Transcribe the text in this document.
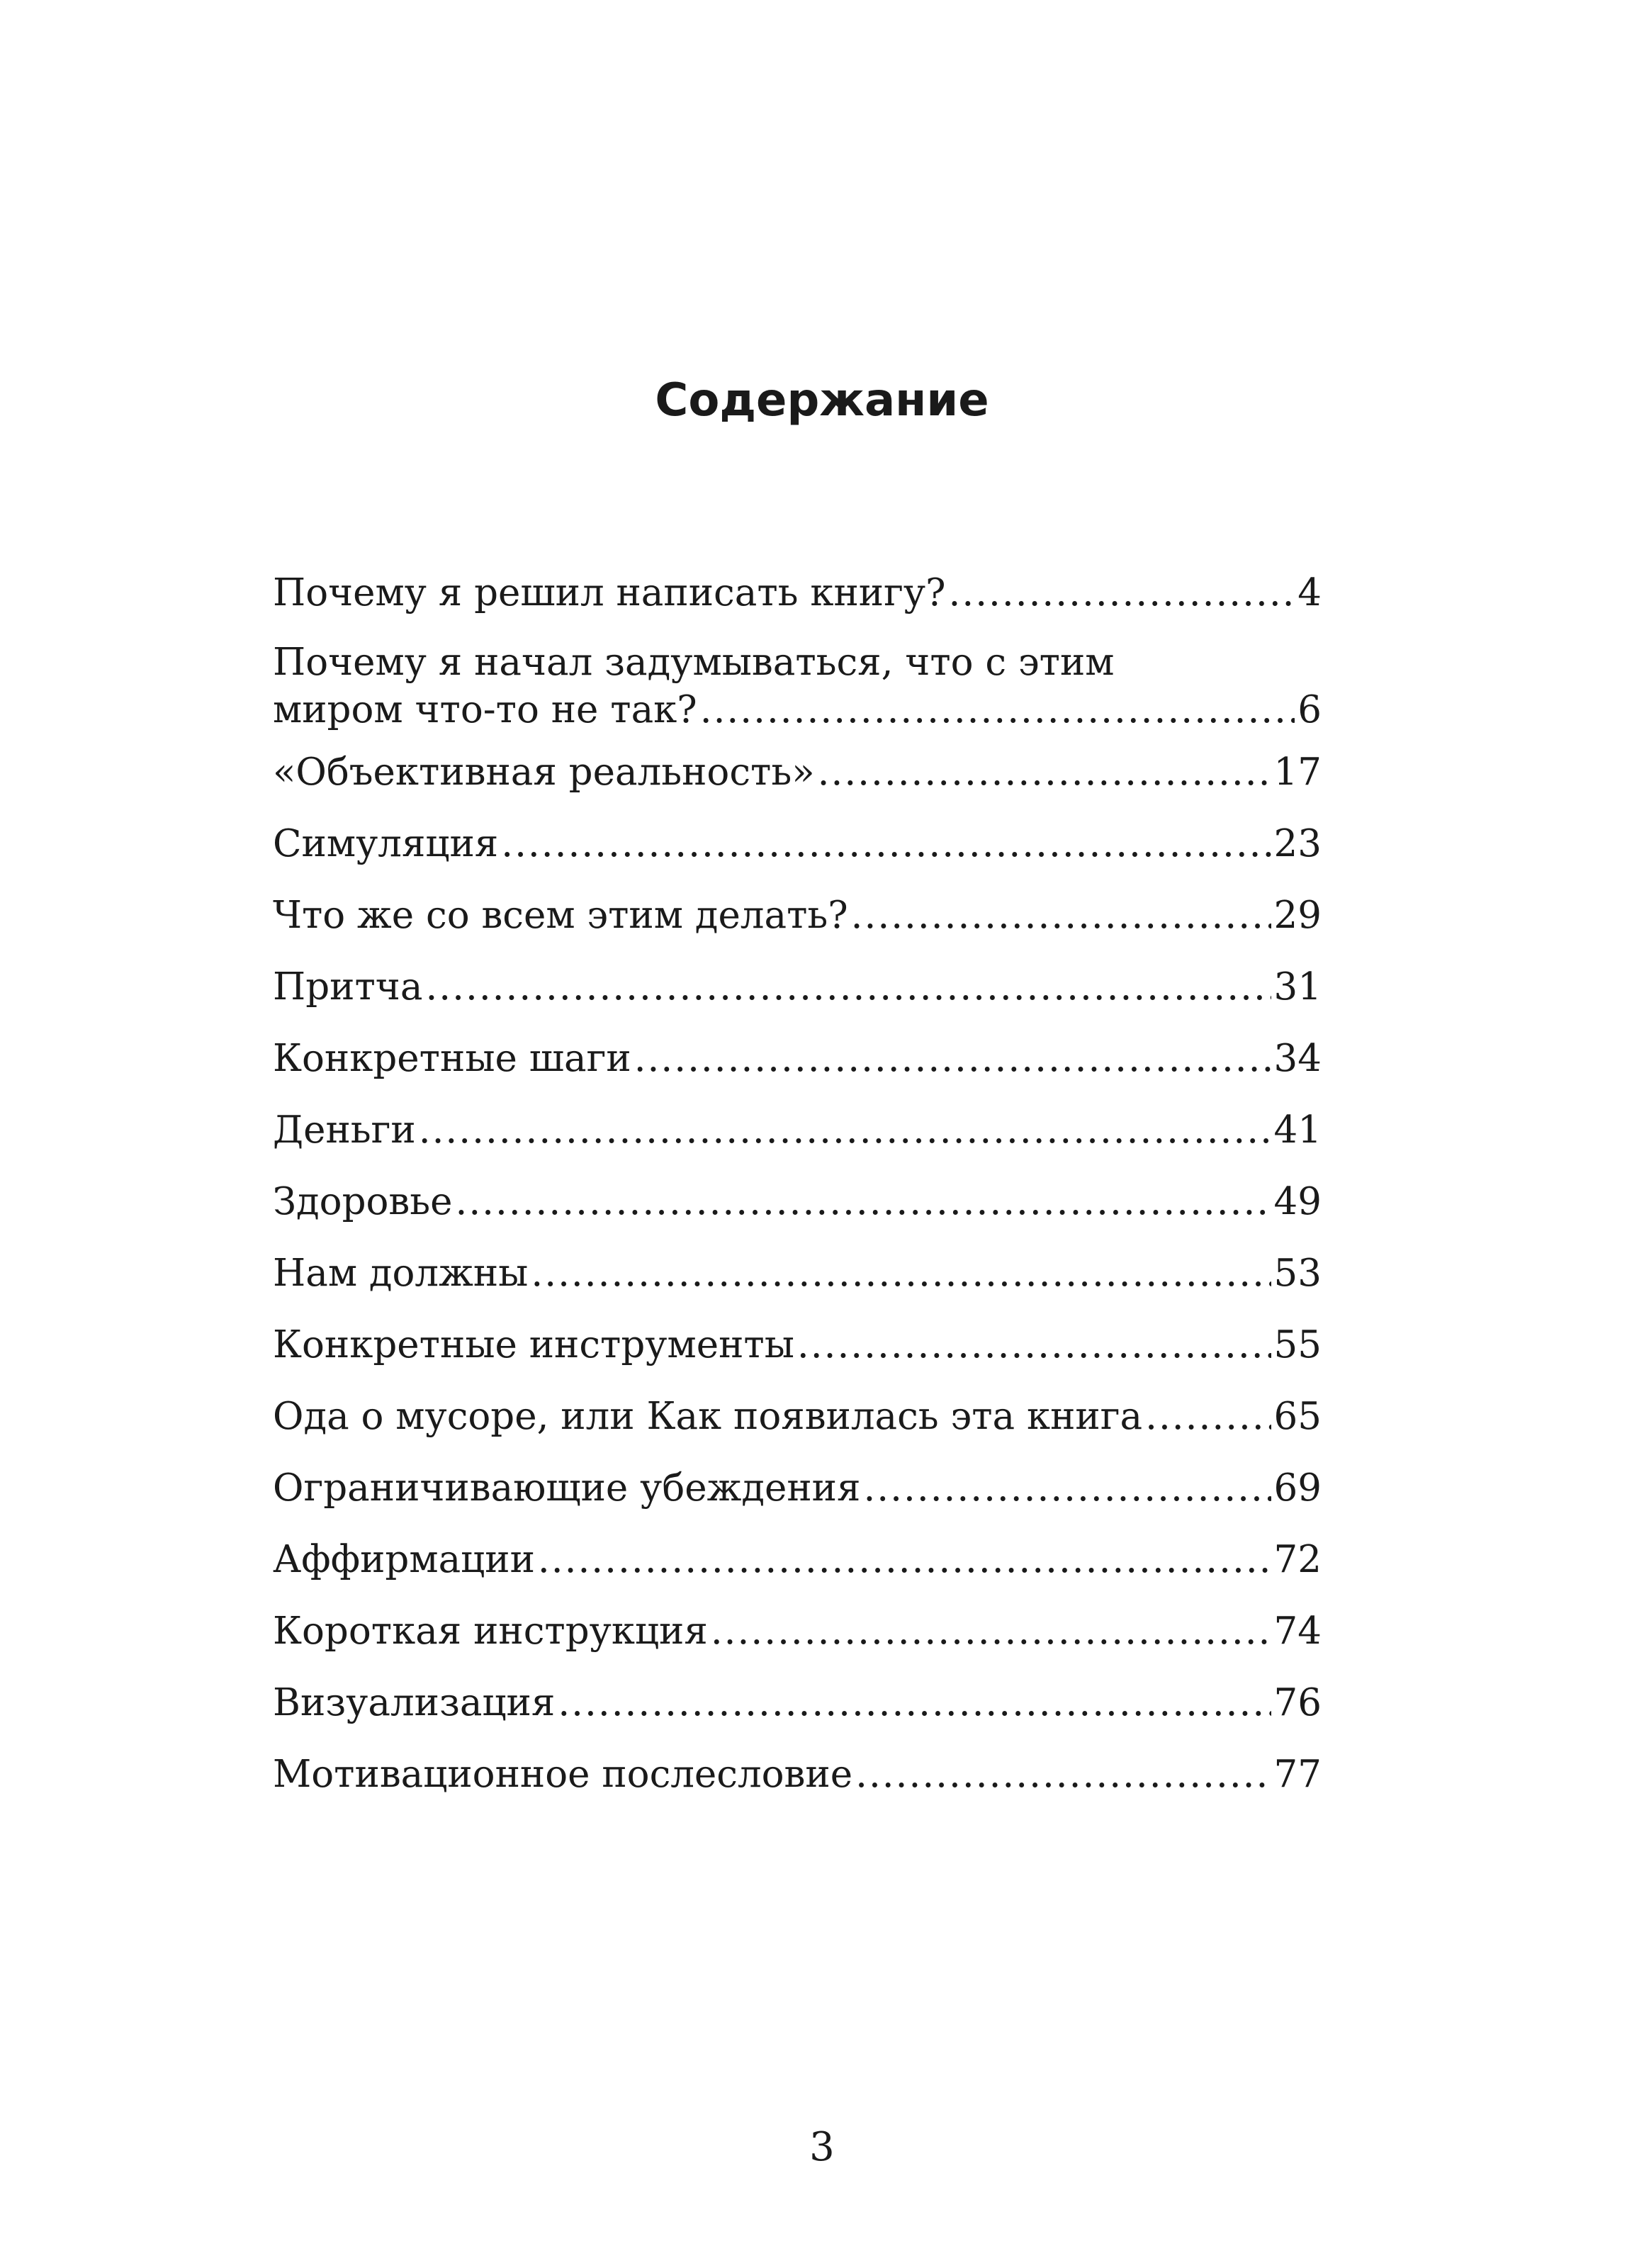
Содержание
Почему я решил написать книгу? .....	4
Почему я начал задумываться, что с этим
миром что-то не так? .....	6
«Объективная реальность» .....	17
Симуляция .....	23
Что же со всем этим делать? .....	29
Притча .....	31
Конкретные шаги .....	34
Деньги .....	41
Здоровье .....	49
Нам должны .....	53
Конкретные инструменты .....	55
Ода о мусоре, или Как появилась эта книга .....	65
Ограничивающие убеждения .....	69
Аффирмации .....	72
Короткая инструкция .....	74
Визуализация .....	76
Мотивационное послесловие .....	77
3
